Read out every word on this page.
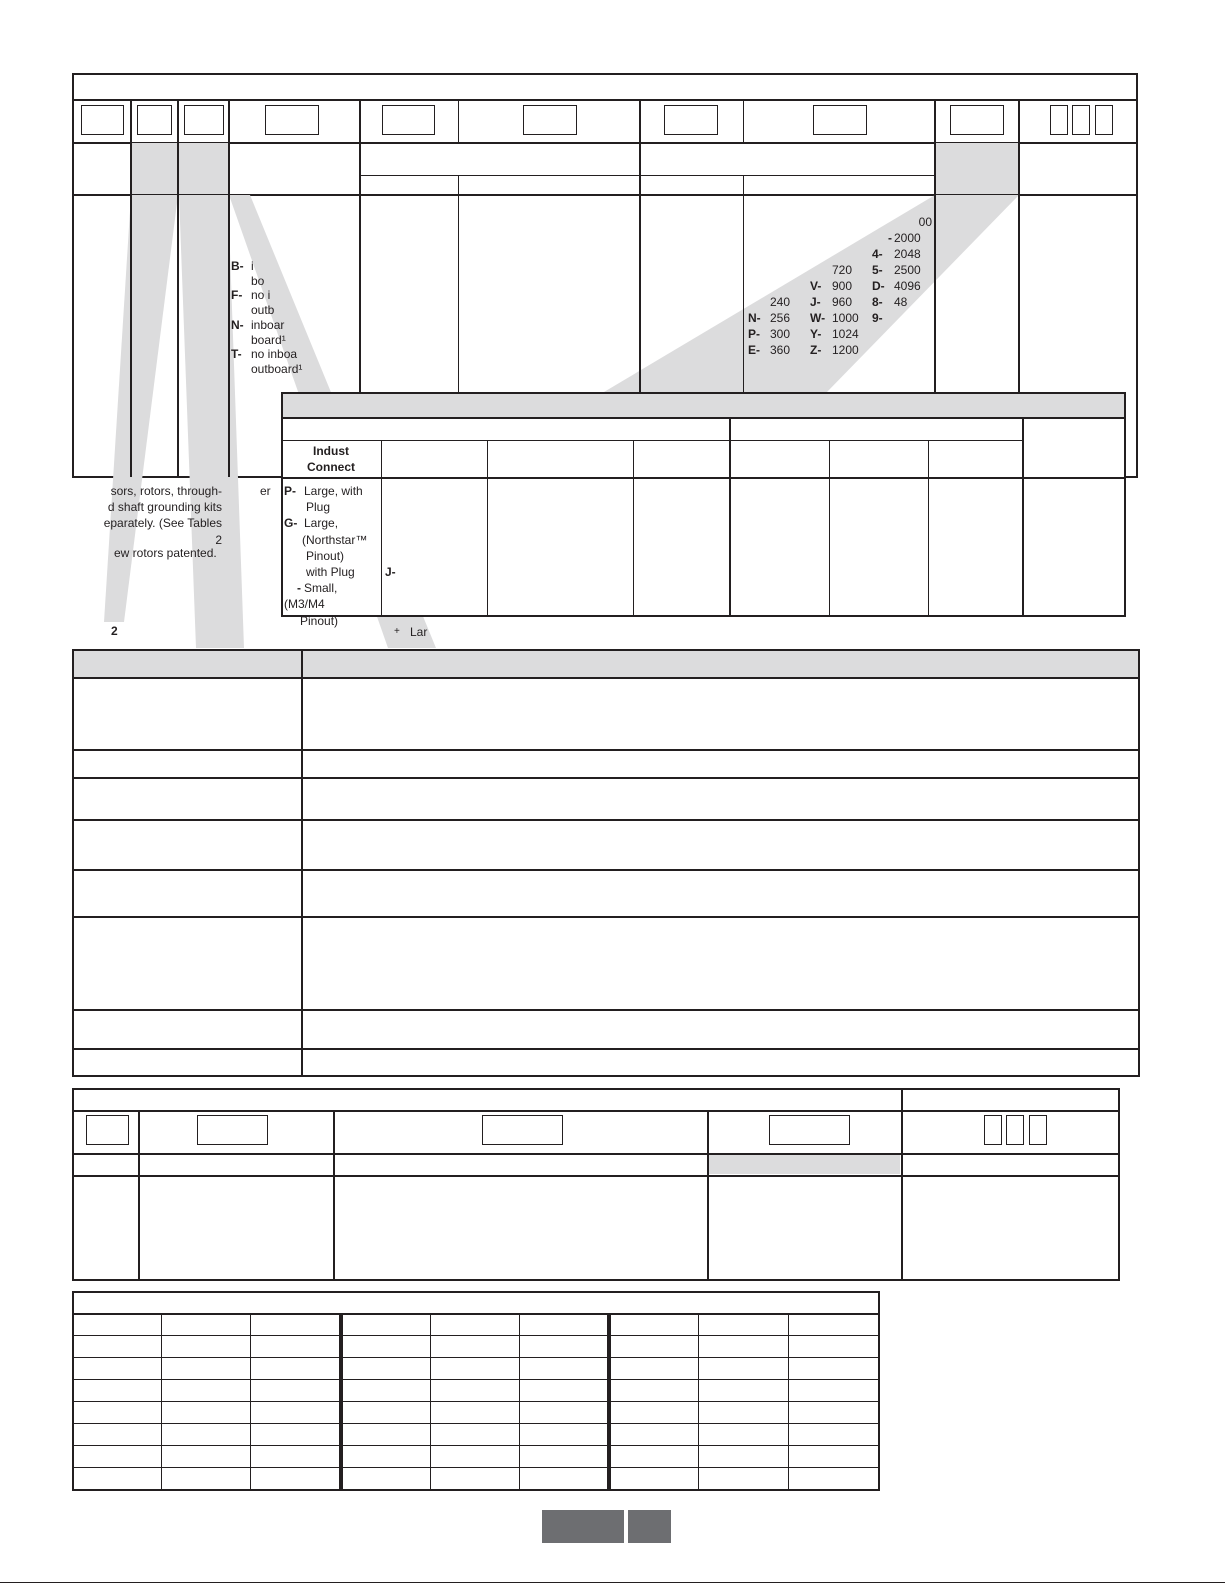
B- i
bo
F- no i
outb
N- inboar
board¹
T- no inboa
outboard¹
240
N- 256
P- 300
E- 360
720
V- 900
J- 960
W- 1000
Y- 1024
Z- 1200
00
- 2000
4- 2048
5- 2500
D- 4096
8- 48
9-
Indust
Connect
P- Large, with
Plug
G- Large,
(Northstar™
Pinout)
with Plug
- Small, (M3/M4
Pinout)
J-
sors, rotors, through-
d shaft grounding kits
eparately. (See Tables 2
er
ew rotors patented.
2	+ Lar
